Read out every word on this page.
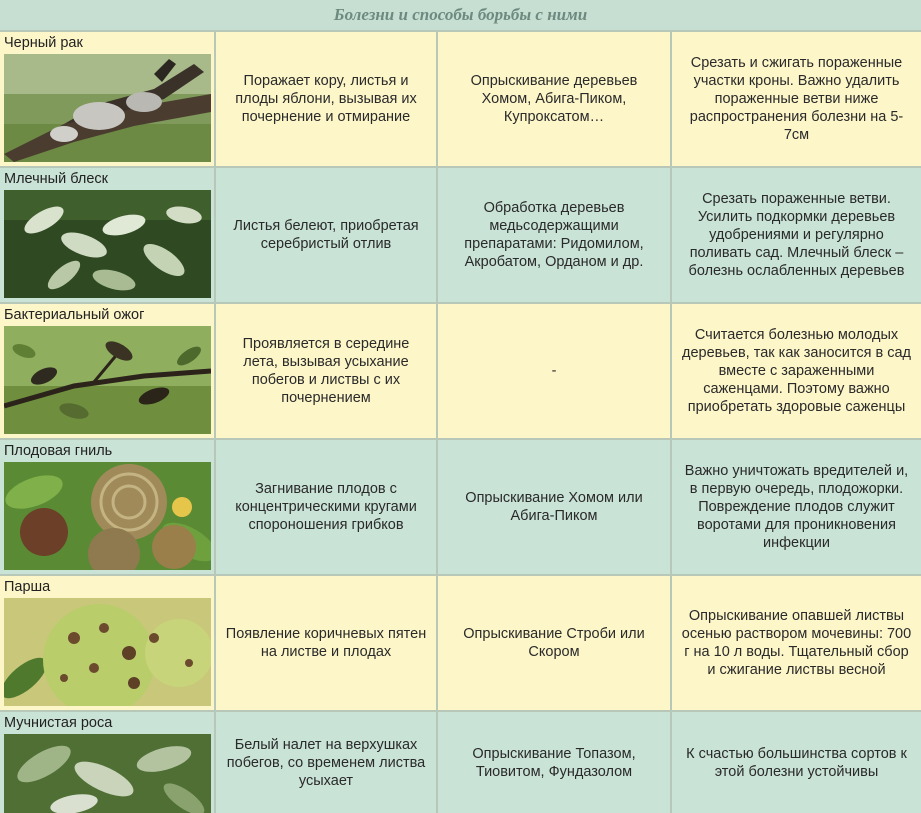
Болезни и способы борьбы с ними
Черный рак
Поражает кору, листья и плоды яблони, вызывая их почернение и отмирание
Опрыскивание деревьев Хомом, Абига-Пиком, Купроксатом…
Срезать и сжигать пораженные участки кроны. Важно удалить пораженные ветви ниже распространения болезни на 5-7см
Млечный блеск
Листья белеют, приобретая серебристый отлив
Обработка деревьев медьсодержащими препаратами: Ридомилом, Акробатом, Орданом и др.
Срезать пораженные ветви. Усилить подкормки деревьев удобрениями и регулярно поливать сад. Млечный блеск – болезнь ослабленных деревьев
Бактериальный ожог
Проявляется в середине лета, вызывая усыхание побегов и листвы с их почернением
-
Считается болезнью молодых деревьев, так как заносится в сад вместе с зараженными саженцами. Поэтому важно приобретать здоровые саженцы
Плодовая гниль
Загнивание плодов с концентрическими кругами спороношения грибков
Опрыскивание Хомом или Абига-Пиком
Важно уничтожать вредителей и, в первую очередь, плодожорки. Повреждение плодов служит воротами для проникновения инфекции
Парша
Появление коричневых пятен на листве и плодах
Опрыскивание Строби или Скором
Опрыскивание опавшей листвы осенью раствором мочевины: 700 г на 10 л воды. Тщательный сбор и сжигание листвы весной
Мучнистая роса
Белый налет на верхушках побегов, со временем листва усыхает
Опрыскивание Топазом, Тиовитом, Фундазолом
К счастью большинства сортов к этой болезни устойчивы
